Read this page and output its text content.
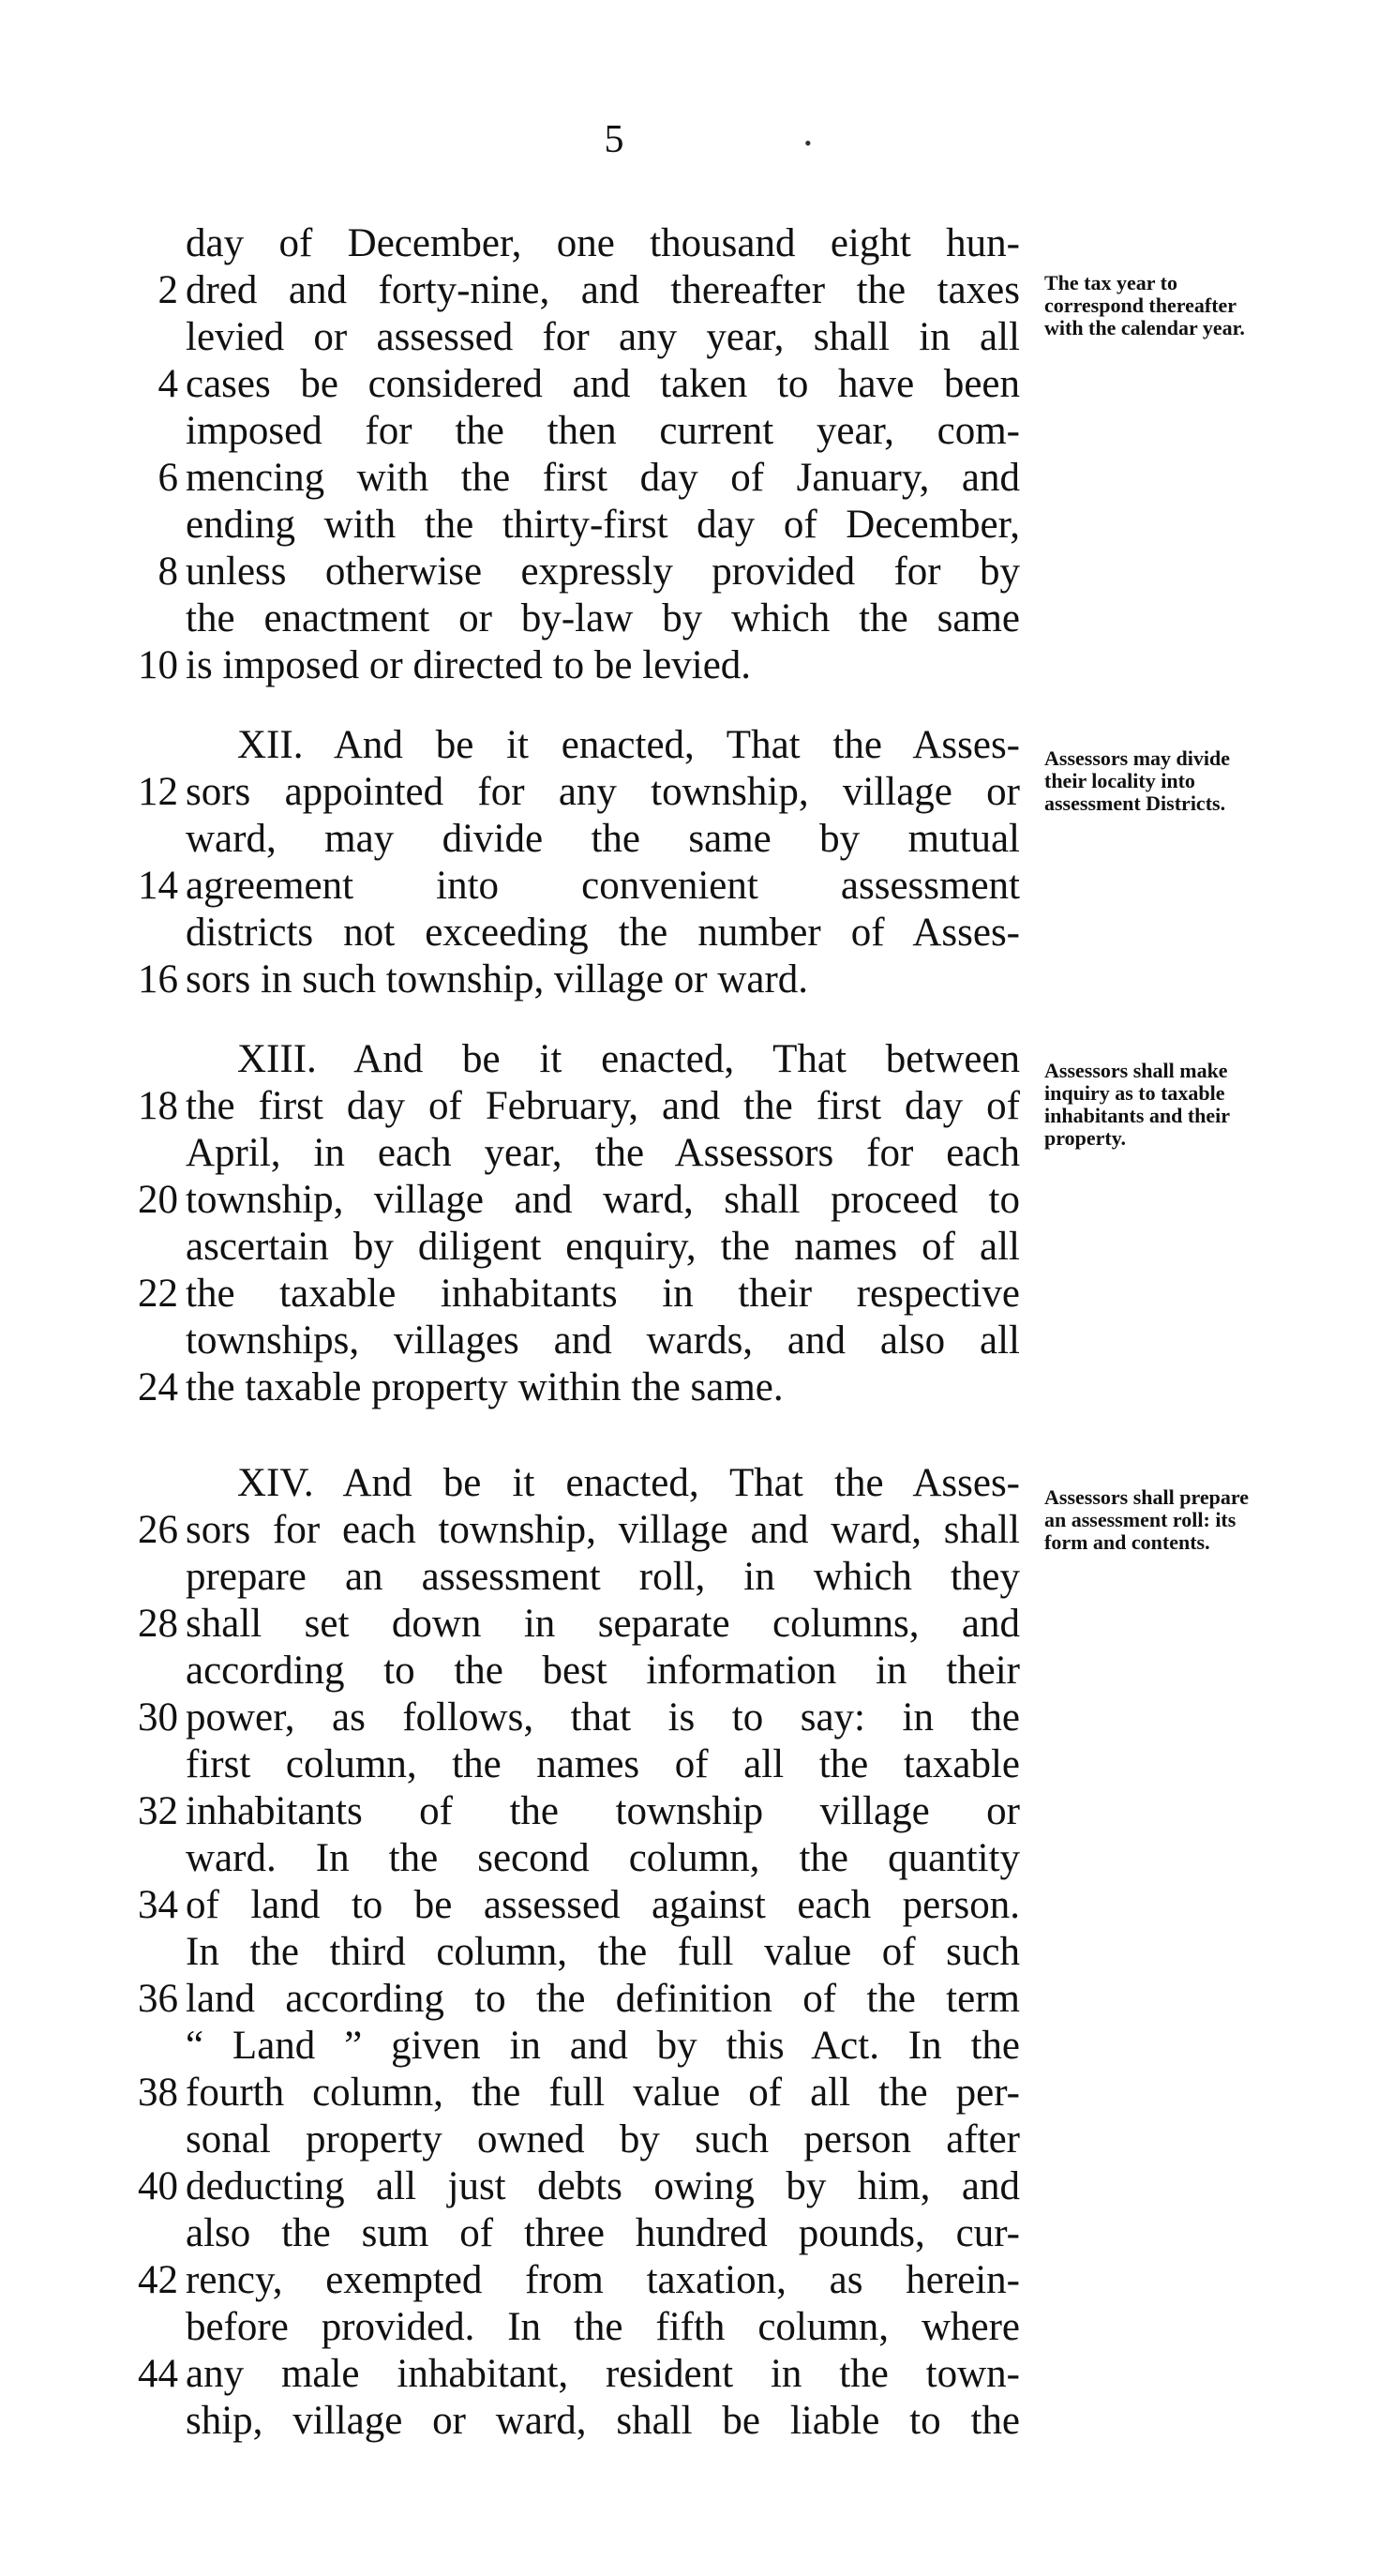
5
day of December, one thousand eight hun-
2 dred and forty-nine, and thereafter the taxes
levied or assessed for any year, shall in all
4 cases be considered and taken to have been
imposed for the then current year, com-
6 mencing with the first day of January, and
ending with the thirty-first day of December,
8 unless otherwise expressly provided for by
the enactment or by-law by which the same
10 is imposed or directed to be levied.
XII. And be it enacted, That the Asses-
12 sors appointed for any township, village or
ward, may divide the same by mutual
14 agreement into convenient assessment
districts not exceeding the number of Asses-
16 sors in such township, village or ward.
XIII. And be it enacted, That between
18 the first day of February, and the first day of
April, in each year, the Assessors for each
20 township, village and ward, shall proceed to
ascertain by diligent enquiry, the names of all
22 the taxable inhabitants in their respective
townships, villages and wards, and also all
24 the taxable property within the same.
XIV. And be it enacted, That the Asses-
26 sors for each township, village and ward, shall
prepare an assessment roll, in which they
28 shall set down in separate columns, and
according to the best information in their
30 power, as follows, that is to say: in the
first column, the names of all the taxable
32 inhabitants of the township village or
ward. In the second column, the quantity
34 of land to be assessed against each person.
In the third column, the full value of such
36 land according to the definition of the term
“ Land ” given in and by this Act. In the
38 fourth column, the full value of all the per-
sonal property owned by such person after
40 deducting all just debts owing by him, and
also the sum of three hundred pounds, cur-
42 rency, exempted from taxation, as herein-
before provided. In the fifth column, where
44 any male inhabitant, resident in the town-
ship, village or ward, shall be liable to the
The tax year to correspond thereafter with the calendar year.
Assessors may divide their locality into assessment Districts.
Assessors shall make inquiry as to taxable inhabitants and their property.
Assessors shall prepare an assessment roll: its form and contents.
•
